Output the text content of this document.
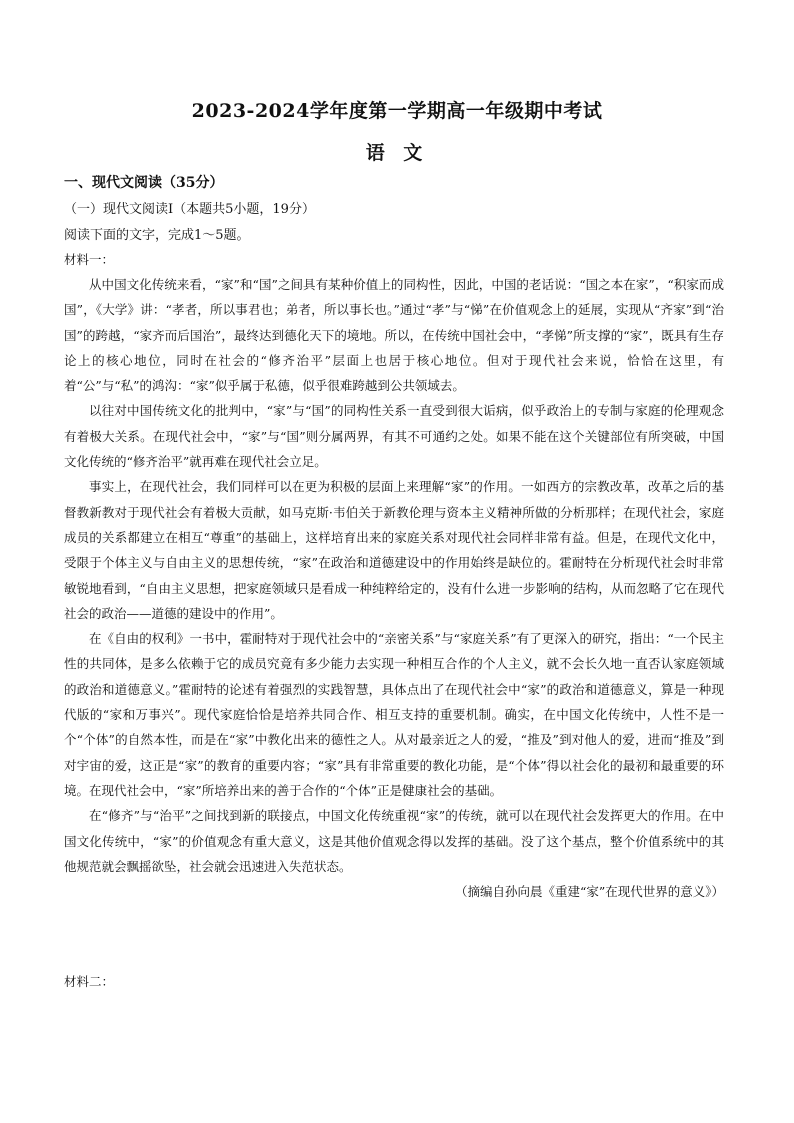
2023-2024学年度第一学期高一年级期中考试
语 文
一、现代文阅读（35分）
（一）现代文阅读Ⅰ（本题共5小题，19分）
阅读下面的文字，完成1～5题。
材料一：

从中国文化传统来看，“家”和“国”之间具有某种价值上的同构性，因此，中国的老话说：“国之本在家”，“积家而成国”，《大学》讲：“孝者，所以事君也；弟者，所以事长也。”通过“孝”与“悌”在价值观念上的延展，实现从“齐家”到“治国”的跨越，“家齐而后国治”，最终达到德化天下的境地。所以，在传统中国社会中，“孝悌”所支撑的“家”，既具有生存论上的核心地位，同时在社会的“修齐治平”层面上也居于核心地位。但对于现代社会来说，恰恰在这里，有着“公”与“私”的鸿沟：“家”似乎属于私德，似乎很难跨越到公共领域去。

以往对中国传统文化的批判中，“家”与“国”的同构性关系一直受到很大诟病，似乎政治上的专制与家庭的伦理观念有着极大关系。在现代社会中，“家”与“国”则分属两界，有其不可通约之处。如果不能在这个关键部位有所突破，中国文化传统的“修齐治平”就再难在现代社会立足。

事实上，在现代社会，我们同样可以在更为积极的层面上来理解“家”的作用。一如西方的宗教改革，改革之后的基督教新教对于现代社会有着极大贡献，如马克斯·韦伯关于新教伦理与资本主义精神所做的分析那样；在现代社会，家庭成员的关系都建立在相互“尊重”的基础上，这样培育出来的家庭关系对现代社会同样非常有益。但是，在现代文化中，受限于个体主义与自由主义的思想传统，“家”在政治和道德建设中的作用始终是缺位的。霍耐特在分析现代社会时非常敏锐地看到，“自由主义思想，把家庭领域只是看成一种纯粹给定的，没有什么进一步影响的结构，从而忽略了它在现代社会的政治——道德的建设中的作用”。

在《自由的权利》一书中，霍耐特对于现代社会中的“亲密关系”与“家庭关系”有了更深入的研究，指出：“一个民主性的共同体，是多么依赖于它的成员究竟有多少能力去实现一种相互合作的个人主义，就不会长久地一直否认家庭领域的政治和道德意义。”霍耐特的论述有着强烈的实践智慧，具体点出了在现代社会中“家”的政治和道德意义，算是一种现代版的“家和万事兴”。现代家庭恰恰是培养共同合作、相互支持的重要机制。确实，在中国文化传统中，人性不是一个“个体”的自然本性，而是在“家”中教化出来的德性之人。从对最亲近之人的爱，“推及”到对他人的爱，进而“推及”到对宇宙的爱，这正是“家”的教育的重要内容；“家”具有非常重要的教化功能，是“个体”得以社会化的最初和最重要的环境。在现代社会中，“家”所培养出来的善于合作的“个体”正是健康社会的基础。

在“修齐”与“治平”之间找到新的联接点，中国文化传统重视“家”的传统，就可以在现代社会发挥更大的作用。在中国文化传统中，“家”的价值观念有重大意义，这是其他价值观念得以发挥的基础。没了这个基点，整个价值系统中的其他规范就会飘摇欲坠，社会就会迅速进入失范状态。

（摘编自孙向晨《重建“家”在现代世界的意义》）

材料二：
